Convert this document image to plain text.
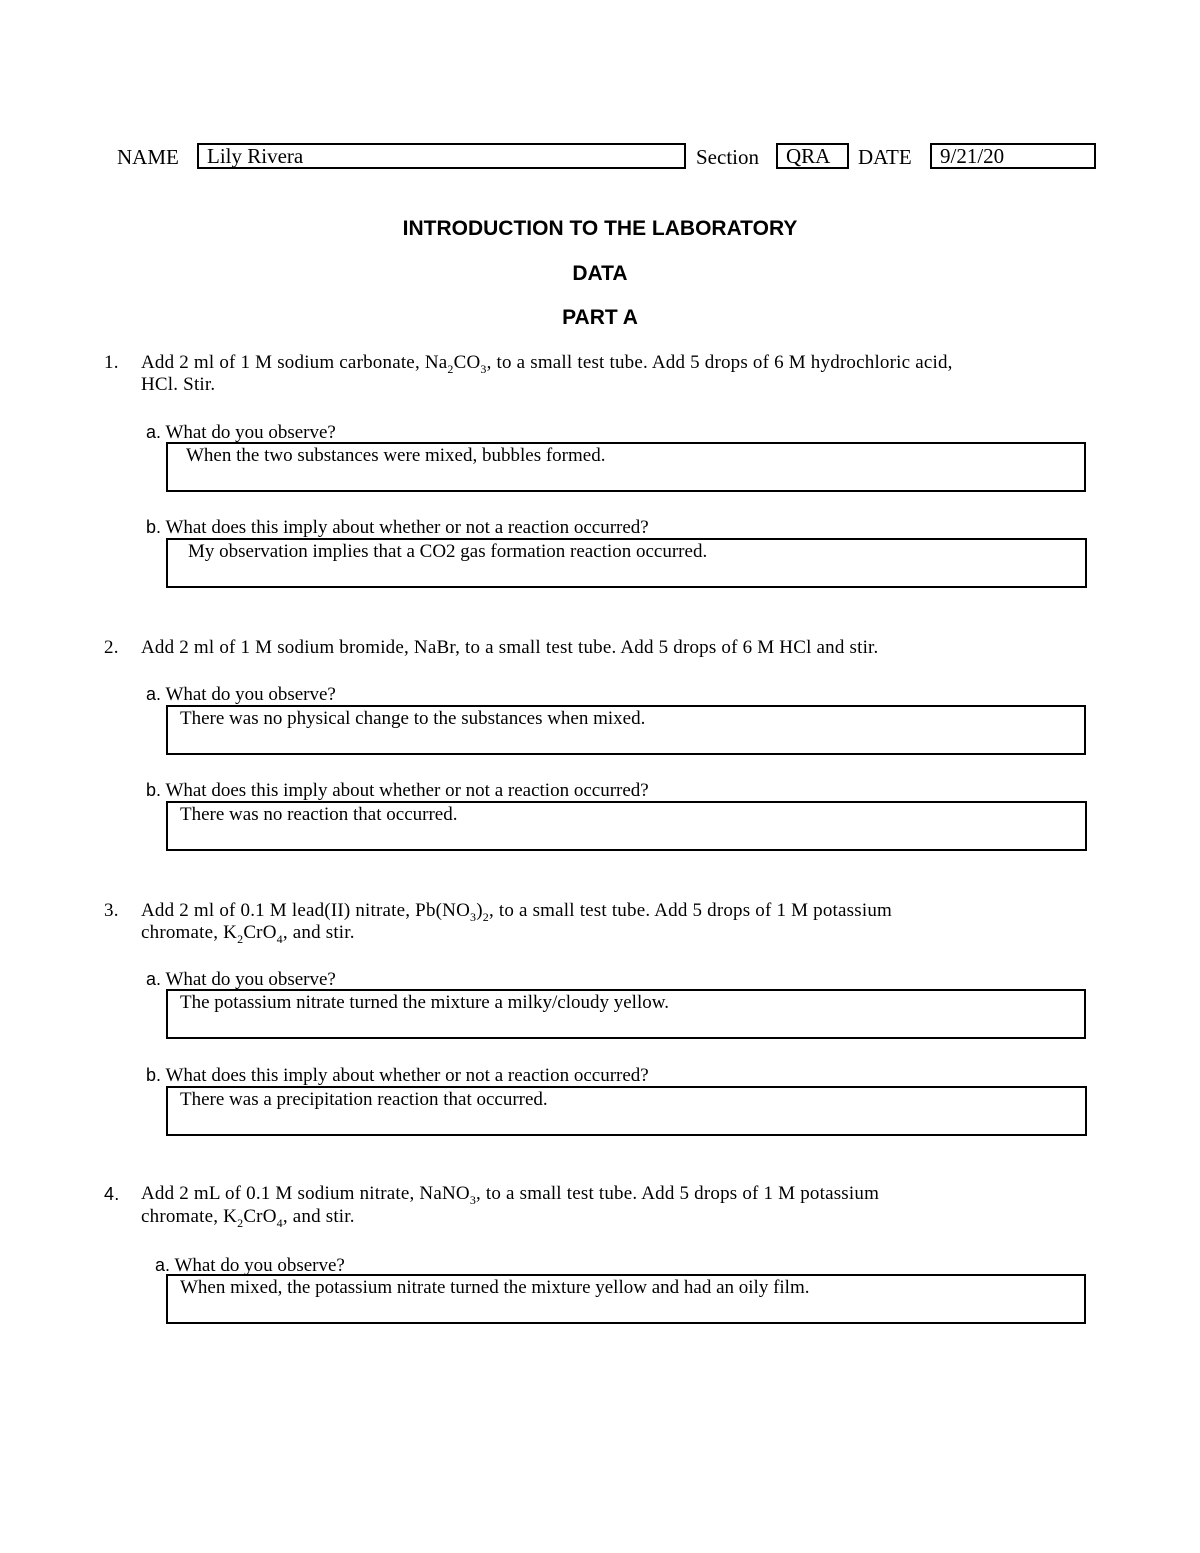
NAME	Lily Rivera	Section	QRA	DATE	9/21/20
INTRODUCTION TO THE LABORATORY
DATA
PART A
1. Add 2 ml of 1 M sodium carbonate, $Na_2CO_3$, to a small test tube. Add 5 drops of 6 M hydrochloric acid,
HCl. Stir.
a. What do you observe?
When the two substances were mixed, bubbles formed.
b. What does this imply about whether or not a reaction occurred?
My observation implies that a CO2 gas formation reaction occurred.
2. Add 2 ml of 1 M sodium bromide, NaBr, to a small test tube. Add 5 drops of 6 M HCl and stir.
a. What do you observe?
There was no physical change to the substances when mixed.
b. What does this imply about whether or not a reaction occurred?
There was no reaction that occurred.
3. Add 2 ml of 0.1 M lead(II) nitrate, $Pb(NO_3)_2$, to a small test tube. Add 5 drops of 1 M potassium
chromate, $K_2CrO_4$, and stir.
a. What do you observe?
The potassium nitrate turned the mixture a milky/cloudy yellow.
b. What does this imply about whether or not a reaction occurred?
There was a precipitation reaction that occurred.
4. Add 2 mL of 0.1 M sodium nitrate, NaNO$_3$, to a small test tube. Add 5 drops of 1 M potassium
chromate, $K_2CrO_4$, and stir.
a. What do you observe?
When mixed, the potassium nitrate turned the mixture yellow and had an oily film.
